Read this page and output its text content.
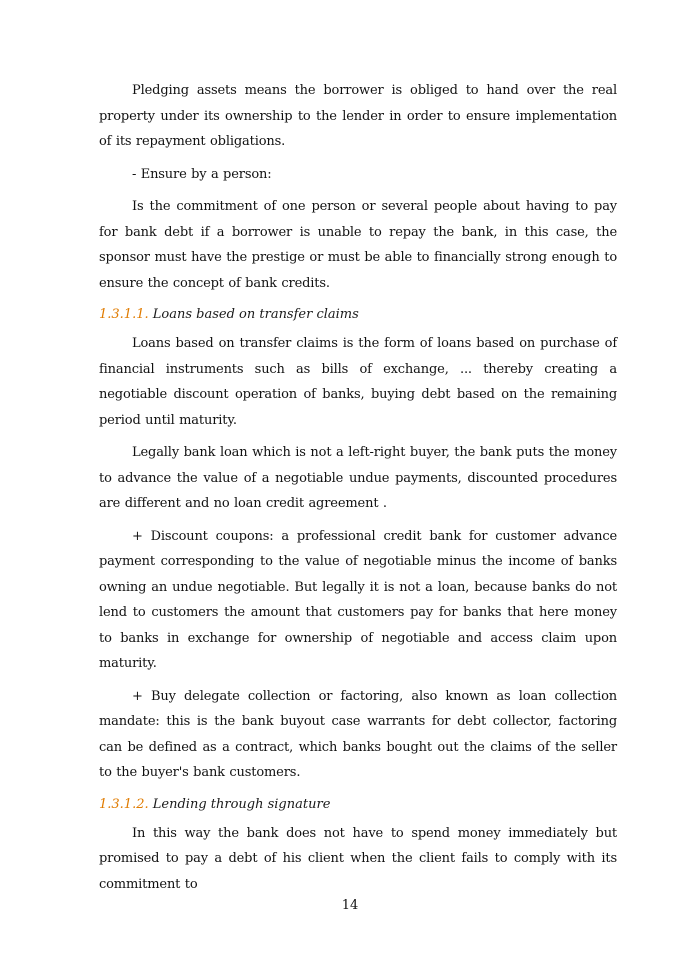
Pledging assets means the borrower is obliged to hand over the real property under its ownership to the lender in order to ensure implementation of its repayment obligations.

- Ensure by a person:

Is the commitment of one person or several people about having to pay for bank debt if a borrower is unable to repay the bank, in this case, the sponsor must have the prestige or must be able to financially strong enough to ensure the concept of bank credits.

1.3.1.1. Loans based on transfer claims

Loans based on transfer claims is the form of loans based on purchase of financial instruments such as bills of exchange, ... thereby creating a negotiable discount operation of banks, buying debt based on the remaining period until maturity.

Legally bank loan which is not a left-right buyer, the bank puts the money to advance the value of a negotiable undue payments, discounted procedures are different and no loan credit agreement .

+ Discount coupons: a professional credit bank for customer advance payment corresponding to the value of negotiable minus the income of banks owning an undue negotiable. But legally it is not a loan, because banks do not lend to customers the amount that customers pay for banks that here money to banks in exchange for ownership of negotiable and access claim upon maturity.

+ Buy delegate collection or factoring, also known as loan collection mandate: this is the bank buyout case warrants for debt collector, factoring can be defined as a contract, which banks bought out the claims of the seller to the buyer's bank customers.

1.3.1.2. Lending through signature

In this way the bank does not have to spend money immediately but promised to pay a debt of his client when the client fails to comply with its commitment to

14
